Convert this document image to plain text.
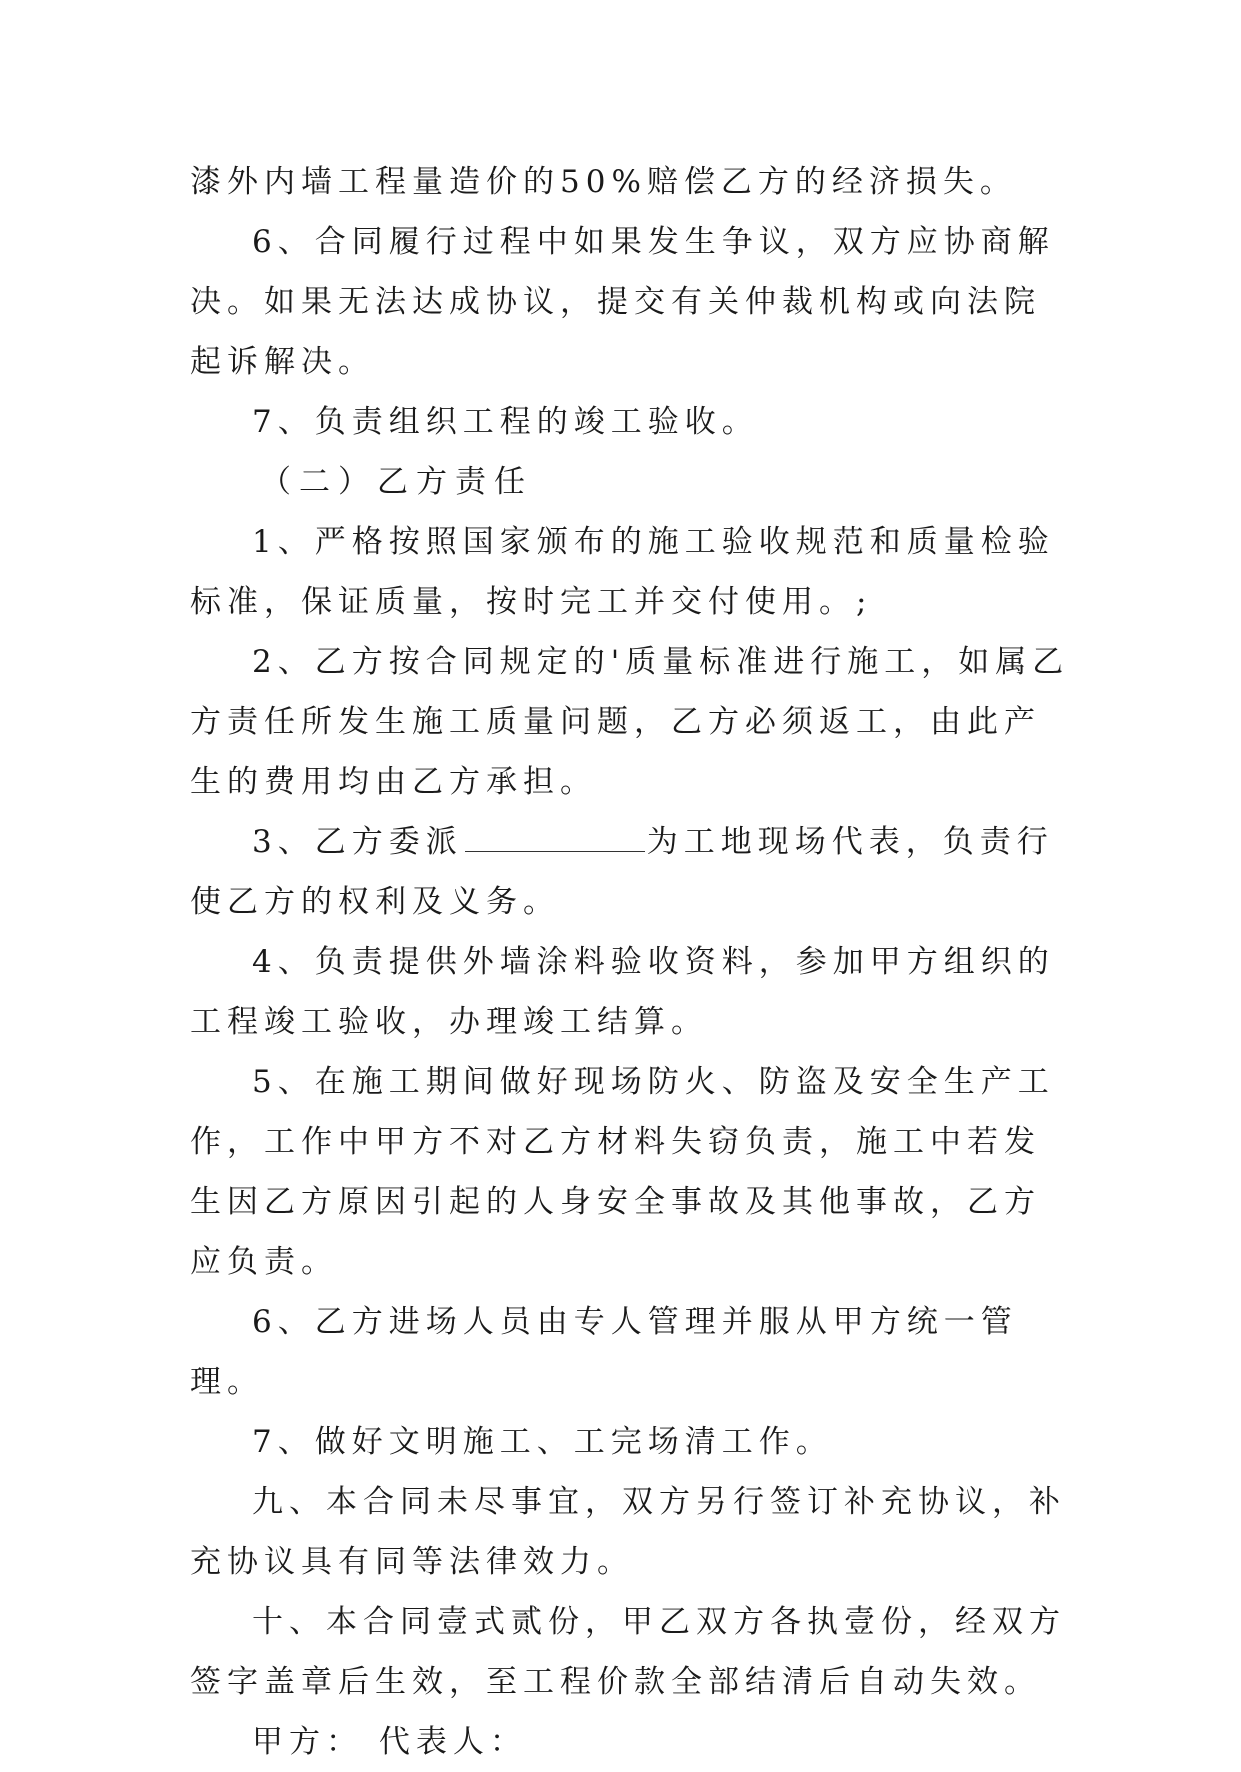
漆外内墙工程量造价的50%赔偿乙方的经济损失。

6、合同履行过程中如果发生争议，双方应协商解决。如果无法达成协议，提交有关仲裁机构或向法院起诉解决。

7、负责组织工程的竣工验收。

（二）乙方责任

1、严格按照国家颁布的施工验收规范和质量检验标准，保证质量，按时完工并交付使用。;

2、乙方按合同规定的'质量标准进行施工，如属乙方责任所发生施工质量问题，乙方必须返工，由此产生的费用均由乙方承担。

3、乙方委派	为工地现场代表，负责行使乙方的权利及义务。

4、负责提供外墙涂料验收资料，参加甲方组织的工程竣工验收，办理竣工结算。

5、在施工期间做好现场防火、防盗及安全生产工作，工作中甲方不对乙方材料失窃负责，施工中若发生因乙方原因引起的人身安全事故及其他事故，乙方应负责。

6、乙方进场人员由专人管理并服从甲方统一管理。

7、做好文明施工、工完场清工作。

九、本合同未尽事宜，双方另行签订补充协议，补充协议具有同等法律效力。

十、本合同壹式贰份，甲乙双方各执壹份，经双方签字盖章后生效，至工程价款全部结清后自动失效。

甲方： 代表人：
